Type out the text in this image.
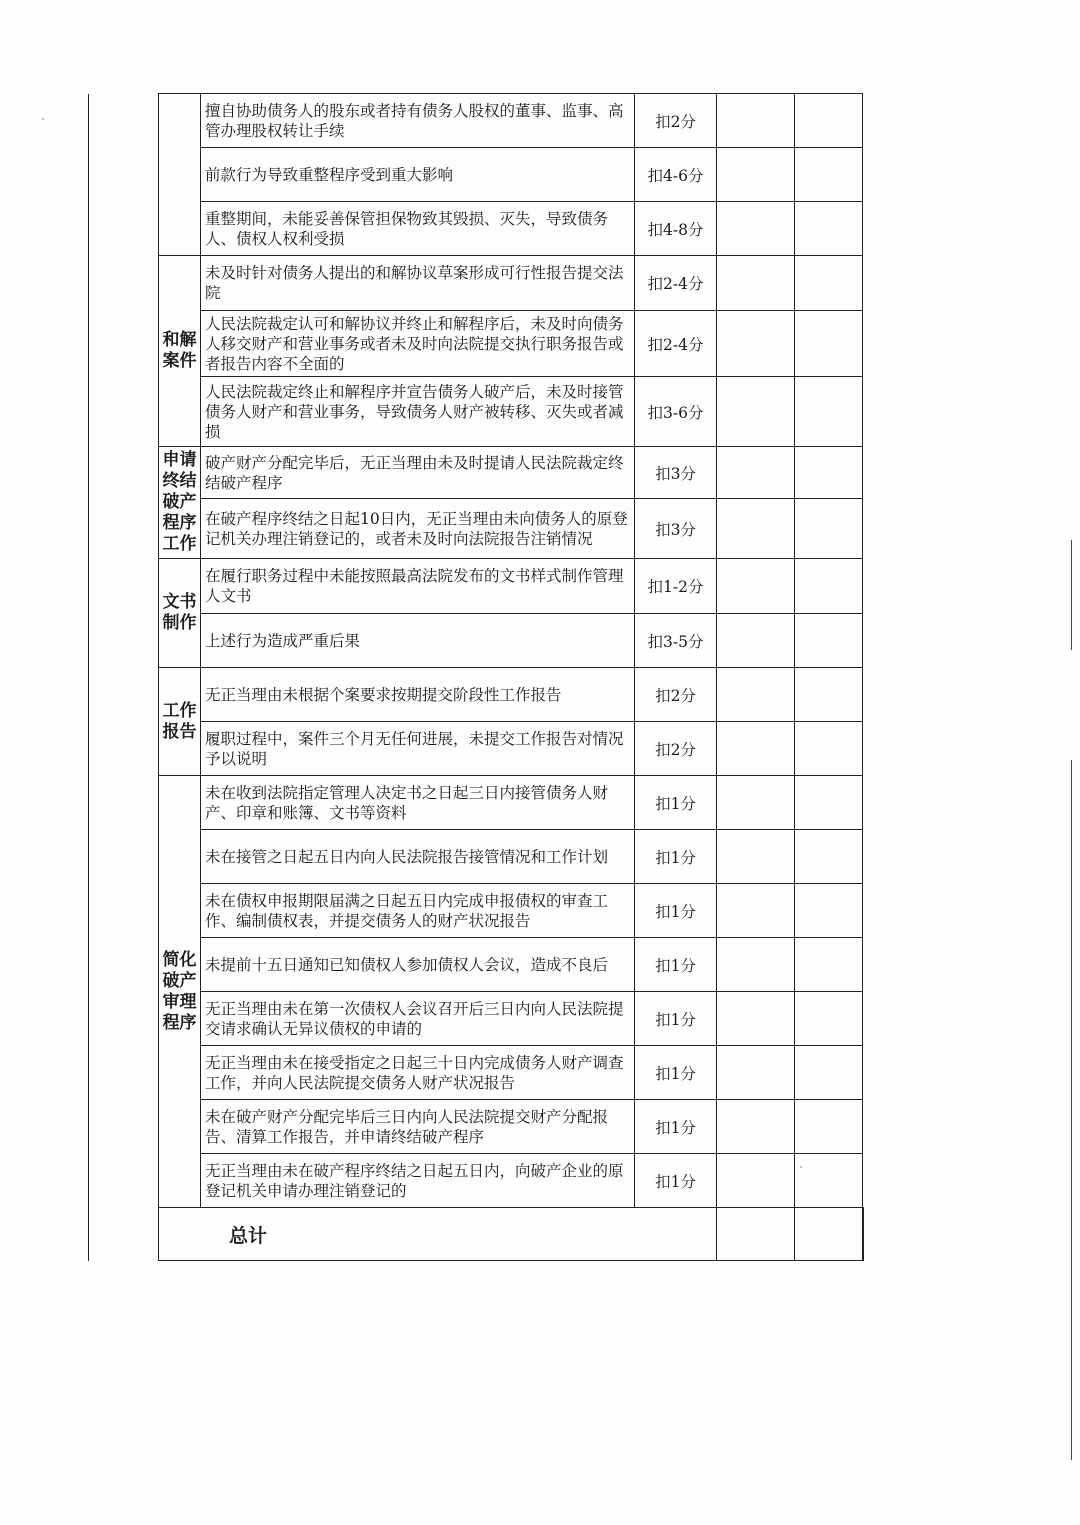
		擅自协助债务人的股东或者持有债务人股权的董事、监事、高管办理股权转让手续	扣2分			
		前款行为导致重整程序受到重大影响	扣4-6分			
		重整期间，未能妥善保管担保物致其毁损、灭失，导致债务人、债权人权利受损	扣4-8分			
	和解案件	未及时针对债务人提出的和解协议草案形成可行性报告提交法院	扣2-4分			
		人民法院裁定认可和解协议并终止和解程序后，未及时向债务人移交财产和营业事务或者未及时向法院提交执行职务报告或者报告内容不全面的	扣2-4分			
		人民法院裁定终止和解程序并宣告债务人破产后，未及时接管债务人财产和营业事务，导致债务人财产被转移、灭失或者减损	扣3-6分			
	申请终结破产程序工作	破产财产分配完毕后，无正当理由未及时提请人民法院裁定终结破产程序	扣3分			
		在破产程序终结之日起10日内，无正当理由未向债务人的原登记机关办理注销登记的，或者未及时向法院报告注销情况	扣3分			
	文书制作	在履行职务过程中未能按照最高法院发布的文书样式制作管理人文书	扣1-2分			
		上述行为造成严重后果	扣3-5分			
	工作报告	无正当理由未根据个案要求按期提交阶段性工作报告	扣2分			
		履职过程中，案件三个月无任何进展，未提交工作报告对情况予以说明	扣2分			
	简化破产审理程序	未在收到法院指定管理人决定书之日起三日内接管债务人财产、印章和账簿、文书等资料	扣1分			
		未在接管之日起五日内向人民法院报告接管情况和工作计划	扣1分			
		未在债权申报期限届满之日起五日内完成申报债权的审查工作、编制债权表，并提交债务人的财产状况报告	扣1分			
		未提前十五日通知已知债权人参加债权人会议，造成不良后	扣1分			
		无正当理由未在第一次债权人会议召开后三日内向人民法院提交请求确认无异议债权的申请的	扣1分			
		无正当理由未在接受指定之日起三十日内完成债务人财产调查工作，并向人民法院提交债务人财产状况报告	扣1分			
		未在破产财产分配完毕后三日内向人民法院提交财产分配报告、清算工作报告，并申请终结破产程序	扣1分			
		无正当理由未在破产程序终结之日起五日内，向破产企业的原登记机关申请办理注销登记的	扣1分			
	总计					
